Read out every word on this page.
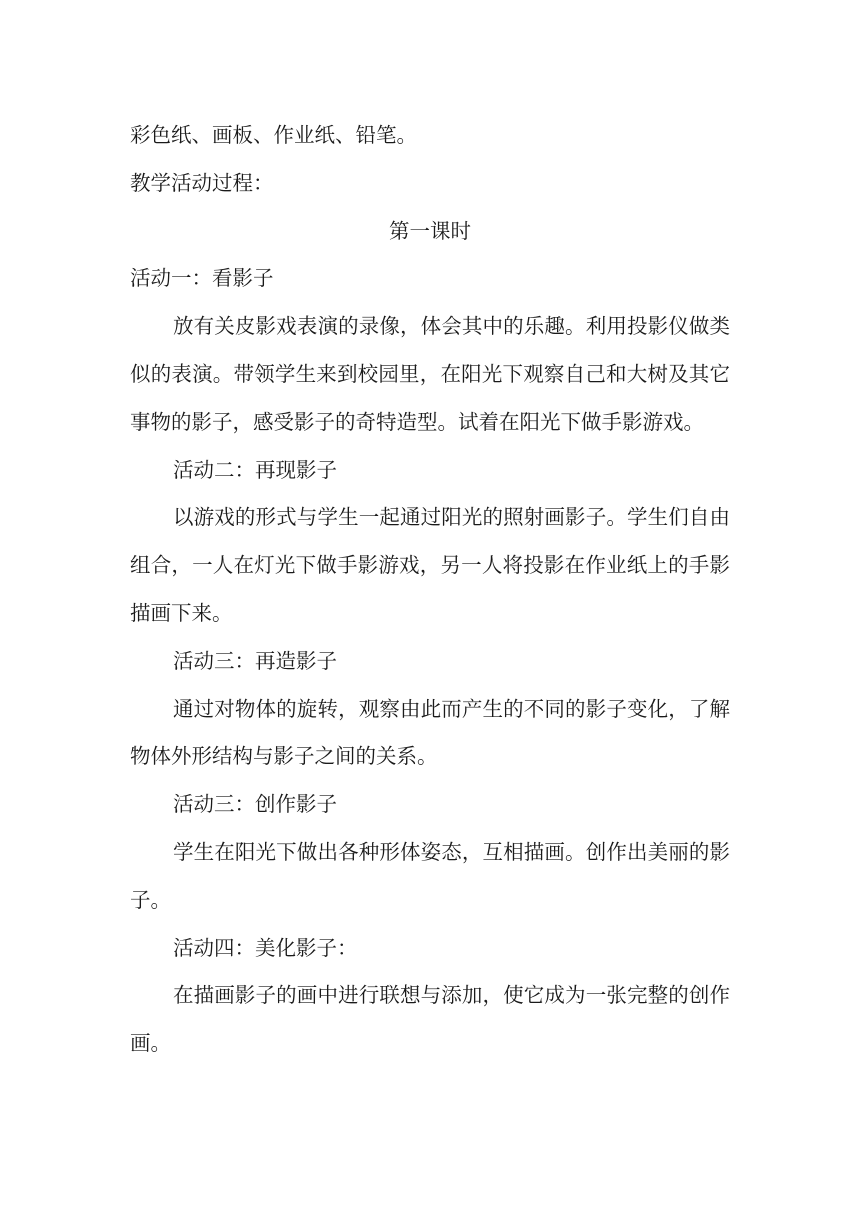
彩色纸、画板、作业纸、铅笔。

教学活动过程：

第一课时

活动一：看影子

放有关皮影戏表演的录像，体会其中的乐趣。利用投影仪做类似的表演。带领学生来到校园里，在阳光下观察自己和大树及其它事物的影子，感受影子的奇特造型。试着在阳光下做手影游戏。

活动二：再现影子

以游戏的形式与学生一起通过阳光的照射画影子。学生们自由组合，一人在灯光下做手影游戏，另一人将投影在作业纸上的手影描画下来。

活动三：再造影子

通过对物体的旋转，观察由此而产生的不同的影子变化，了解物体外形结构与影子之间的关系。

活动三：创作影子

学生在阳光下做出各种形体姿态，互相描画。创作出美丽的影子。

活动四：美化影子：

在描画影子的画中进行联想与添加，使它成为一张完整的创作画。
